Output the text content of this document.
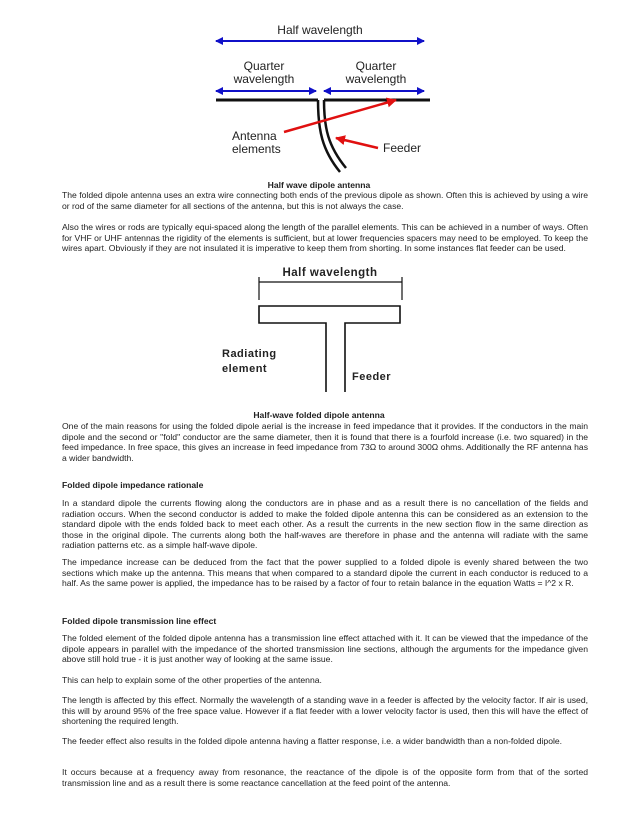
Half wavelength
Quarter
wavelength
Quarter
wavelength
Antenna
elements	Feeder
Half wave dipole antenna

The folded dipole antenna uses an extra wire connecting both ends of the previous dipole as shown. Often this is achieved by using a wire or rod of the same diameter for all sections of the antenna, but this is not always the case.

Also the wires or rods are typically equi-spaced along the length of the parallel elements. This can be achieved in a number of ways. Often for VHF or UHF antennas the rigidity of the elements is sufficient, but at lower frequencies spacers may need to be employed. To keep the wires apart. Obviously if they are not insulated it is imperative to keep them from shorting. In some instances flat feeder can be used.

Half wavelength
Radiating
element
Feeder
Half-wave folded dipole antenna

One of the main reasons for using the folded dipole aerial is the increase in feed impedance that it provides. If the conductors in the main dipole and the second or "fold" conductor are the same diameter, then it is found that there is a fourfold increase (i.e. two squared) in the feed impedance. In free space, this gives an increase in feed impedance from 73Ω to around 300Ω ohms. Additionally the RF antenna has a wider bandwidth.

Folded dipole impedance rationale

In a standard dipole the currents flowing along the conductors are in phase and as a result there is no cancellation of the fields and radiation occurs. When the second conductor is added to make the folded dipole antenna this can be considered as an extension to the standard dipole with the ends folded back to meet each other. As a result the currents in the new section flow in the same direction as those in the original dipole. The currents along both the half-waves are therefore in phase and the antenna will radiate with the same radiation patterns etc. as a simple half-wave dipole.

The impedance increase can be deduced from the fact that the power supplied to a folded dipole is evenly shared between the two sections which make up the antenna. This means that when compared to a standard dipole the current in each conductor is reduced to a half. As the same power is applied, the impedance has to be raised by a factor of four to retain balance in the equation Watts = I^2 x R.

Folded dipole transmission line effect

The folded element of the folded dipole antenna has a transmission line effect attached with it. It can be viewed that the impedance of the dipole appears in parallel with the impedance of the shorted transmission line sections, although the arguments for the impedance given above still hold true - it is just another way of looking at the same issue.

This can help to explain some of the other properties of the antenna.

The length is affected by this effect. Normally the wavelength of a standing wave in a feeder is affected by the velocity factor. If air is used, this will by around 95% of the free space value. However if a flat feeder with a lower velocity factor is used, then this will have the effect of shortening the required length.

The feeder effect also results in the folded dipole antenna having a flatter response, i.e. a wider bandwidth than a non-folded dipole.

It occurs because at a frequency away from resonance, the reactance of the dipole is of the opposite form from that of the sorted transmission line and as a result there is some reactance cancellation at the feed point of the antenna.
